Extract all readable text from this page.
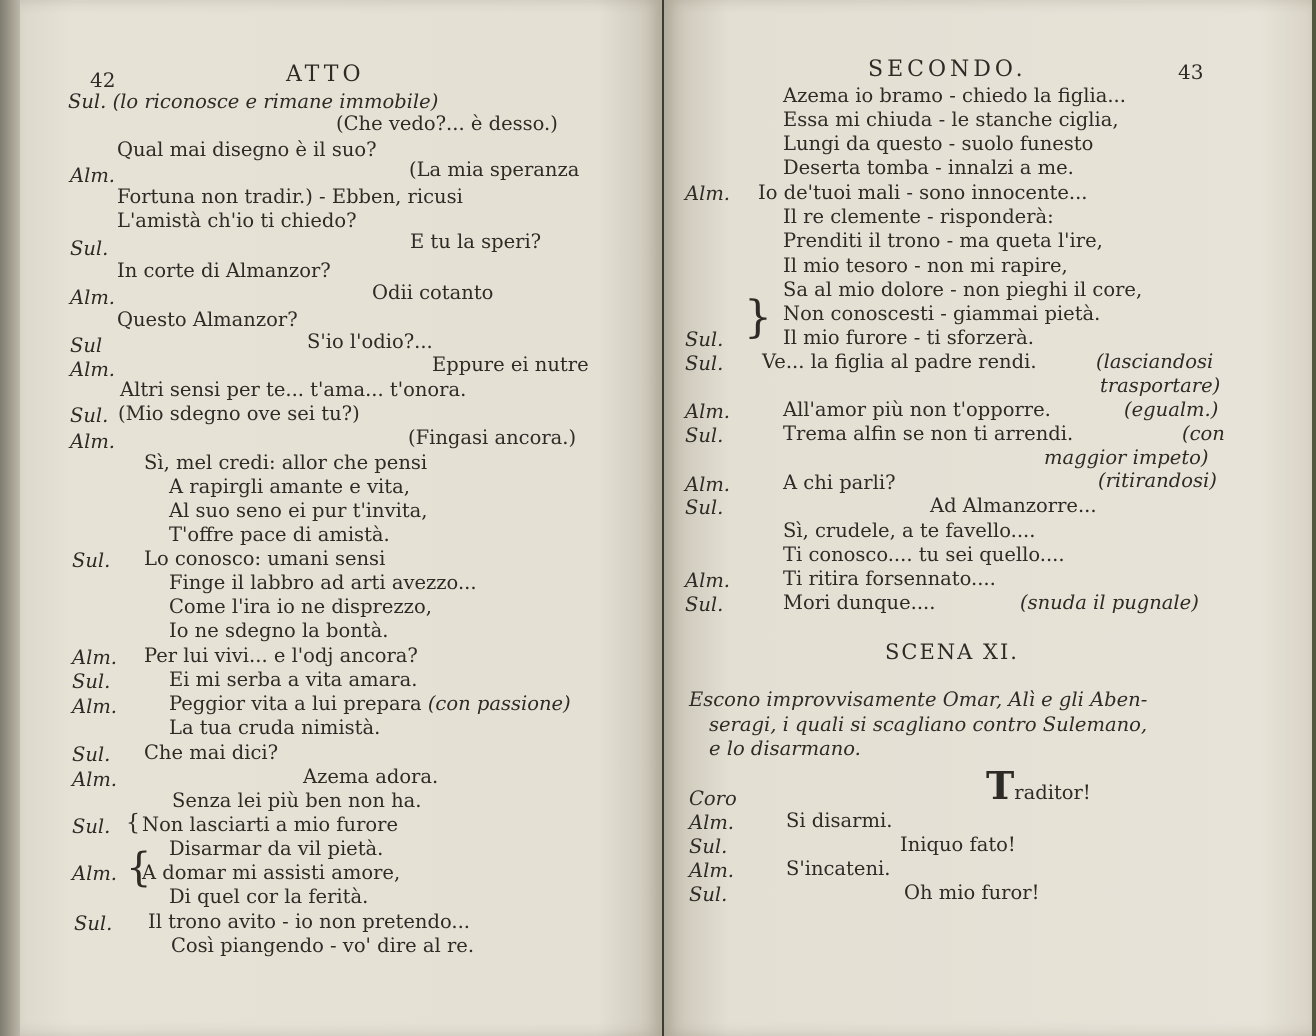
42	ATTO
Sul. (lo riconosce e rimane immobile)
(Che vedo?... è desso.)
Qual mai disegno è il suo?
Alm.	(La mia speranza
Fortuna non tradir.) - Ebben, ricusi
L'amistà ch'io ti chiedo?
Sul.	E tu la speri?
In corte di Almanzor?
Alm.	Odii cotanto
Questo Almanzor?
Sul	S'io l'odio?...
Alm.	Eppure ei nutre
Altri sensi per te... t'ama... t'onora.
Sul. (Mio sdegno ove sei tu?)
Alm.	(Fingasi ancora.)
Sì, mel credi: allor che pensi
A rapirgli amante e vita,
Al suo seno ei pur t'invita,
T'offre pace di amistà.
Sul. Lo conosco: umani sensi
Finge il labbro ad arti avezzo...
Come l'ira io ne disprezzo,
Io ne sdegno la bontà.
Alm. Per lui vivi... e l'odj ancora?
Sul.	Ei mi serba a vita amara.
Alm.	Peggior vita a lui prepara (con passione)
La tua cruda nimistà.
Sul. Che mai dici?
Alm.	Azema adora.
Senza lei più ben non ha.
Sul. { Non lasciarti a mio furore
Disarmar da vil pietà.
Alm. {
A domar mi assisti amore,
Di quel cor la ferità.
Sul. Il trono avito - io non pretendo...
Così piangendo - vo' dire al re.
SECONDO.	43
Azema io bramo - chiedo la figlia...
Essa mi chiuda - le stanche ciglia,
Lungi da questo - suolo funesto
Deserta tomba - innalzi a me.
Alm. Io de'tuoi mali - sono innocente...
Il re clemente - risponderà:
Prenditi il trono - ma queta l'ire,
Il mio tesoro - non mi rapire,
Sa al mio dolore - non pieghi il core,
} Non conoscesti - giammai pietà.
Sul.	Il mio furore - ti sforzerà.
Sul. Ve... la figlia al padre rendi.	(lasciandosi
trasportare)
Alm.	All'amor più non t'opporre.	(egualm.)
Sul.	Trema alfin se non ti arrendi.	(con
maggior impeto)
Alm.	A chi parli?	(ritirandosi)
Sul.	Ad Almanzorre...
Sì, crudele, a te favello....
Ti conosco.... tu sei quello....
Alm.	Ti ritira forsennato....
Sul.	Mori dunque....	(snuda il pugnale)
SCENA XI.
Escono improvvisamente Omar, Alì e gli Aben-
seragi, i quali si scagliano contro Sulemano,
e lo disarmano.
Coro	Traditor!
Alm.	Si disarmi.
Sul.	Iniquo fato!
Alm.	S'incateni.
Sul.	Oh mio furor!
